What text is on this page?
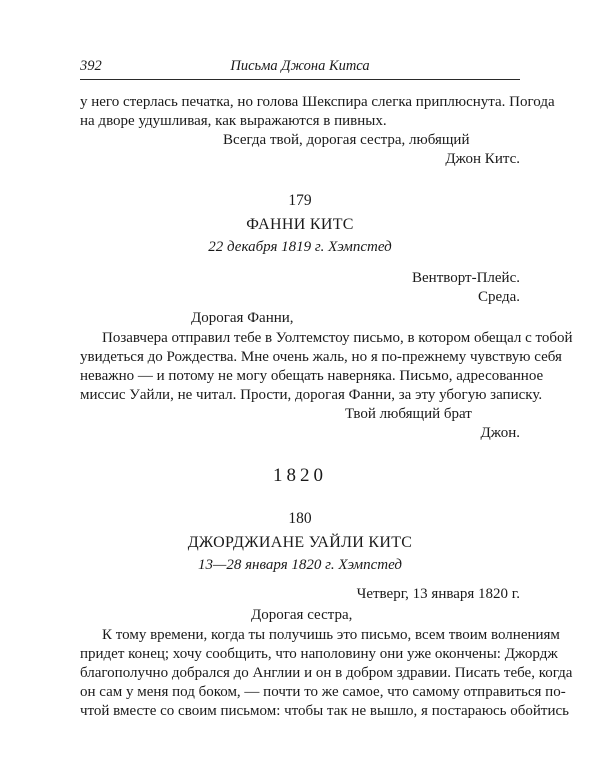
392	Письма Джона Китса
у него стерлась печатка, но голова Шекспира слегка приплюснута. Погода
на дворе удушливая, как выражаются в пивных.
Всегда твой, дорогая сестра, любящий
Джон Китс.
179
ФАННИ КИТС
22 декабря 1819 г. Хэмпстед
Вентворт-Плейс.
Среда.
Дорогая Фанни,
Позавчера отправил тебе в Уолтемстоу письмо, в котором обещал с тобой
увидеться до Рождества. Мне очень жаль, но я по-прежнему чувствую себя
неважно — и потому не могу обещать наверняка. Письмо, адресованное
миссис Уайли, не читал. Прости, дорогая Фанни, за эту убогую записку.
Твой любящий брат
Джон.
1820
180
ДЖОРДЖИАНЕ УАЙЛИ КИТС
13—28 января 1820 г. Хэмпстед
Четверг, 13 января 1820 г.
Дорогая сестра,
К тому времени, когда ты получишь это письмо, всем твоим волнениям
придет конец; хочу сообщить, что наполовину они уже окончены: Джордж
благополучно добрался до Англии и он в добром здравии. Писать тебе, когда
он сам у меня под боком, — почти то же самое, что самому отправиться по-
чтой вместе со своим письмом: чтобы так не вышло, я постараюсь обойтись
